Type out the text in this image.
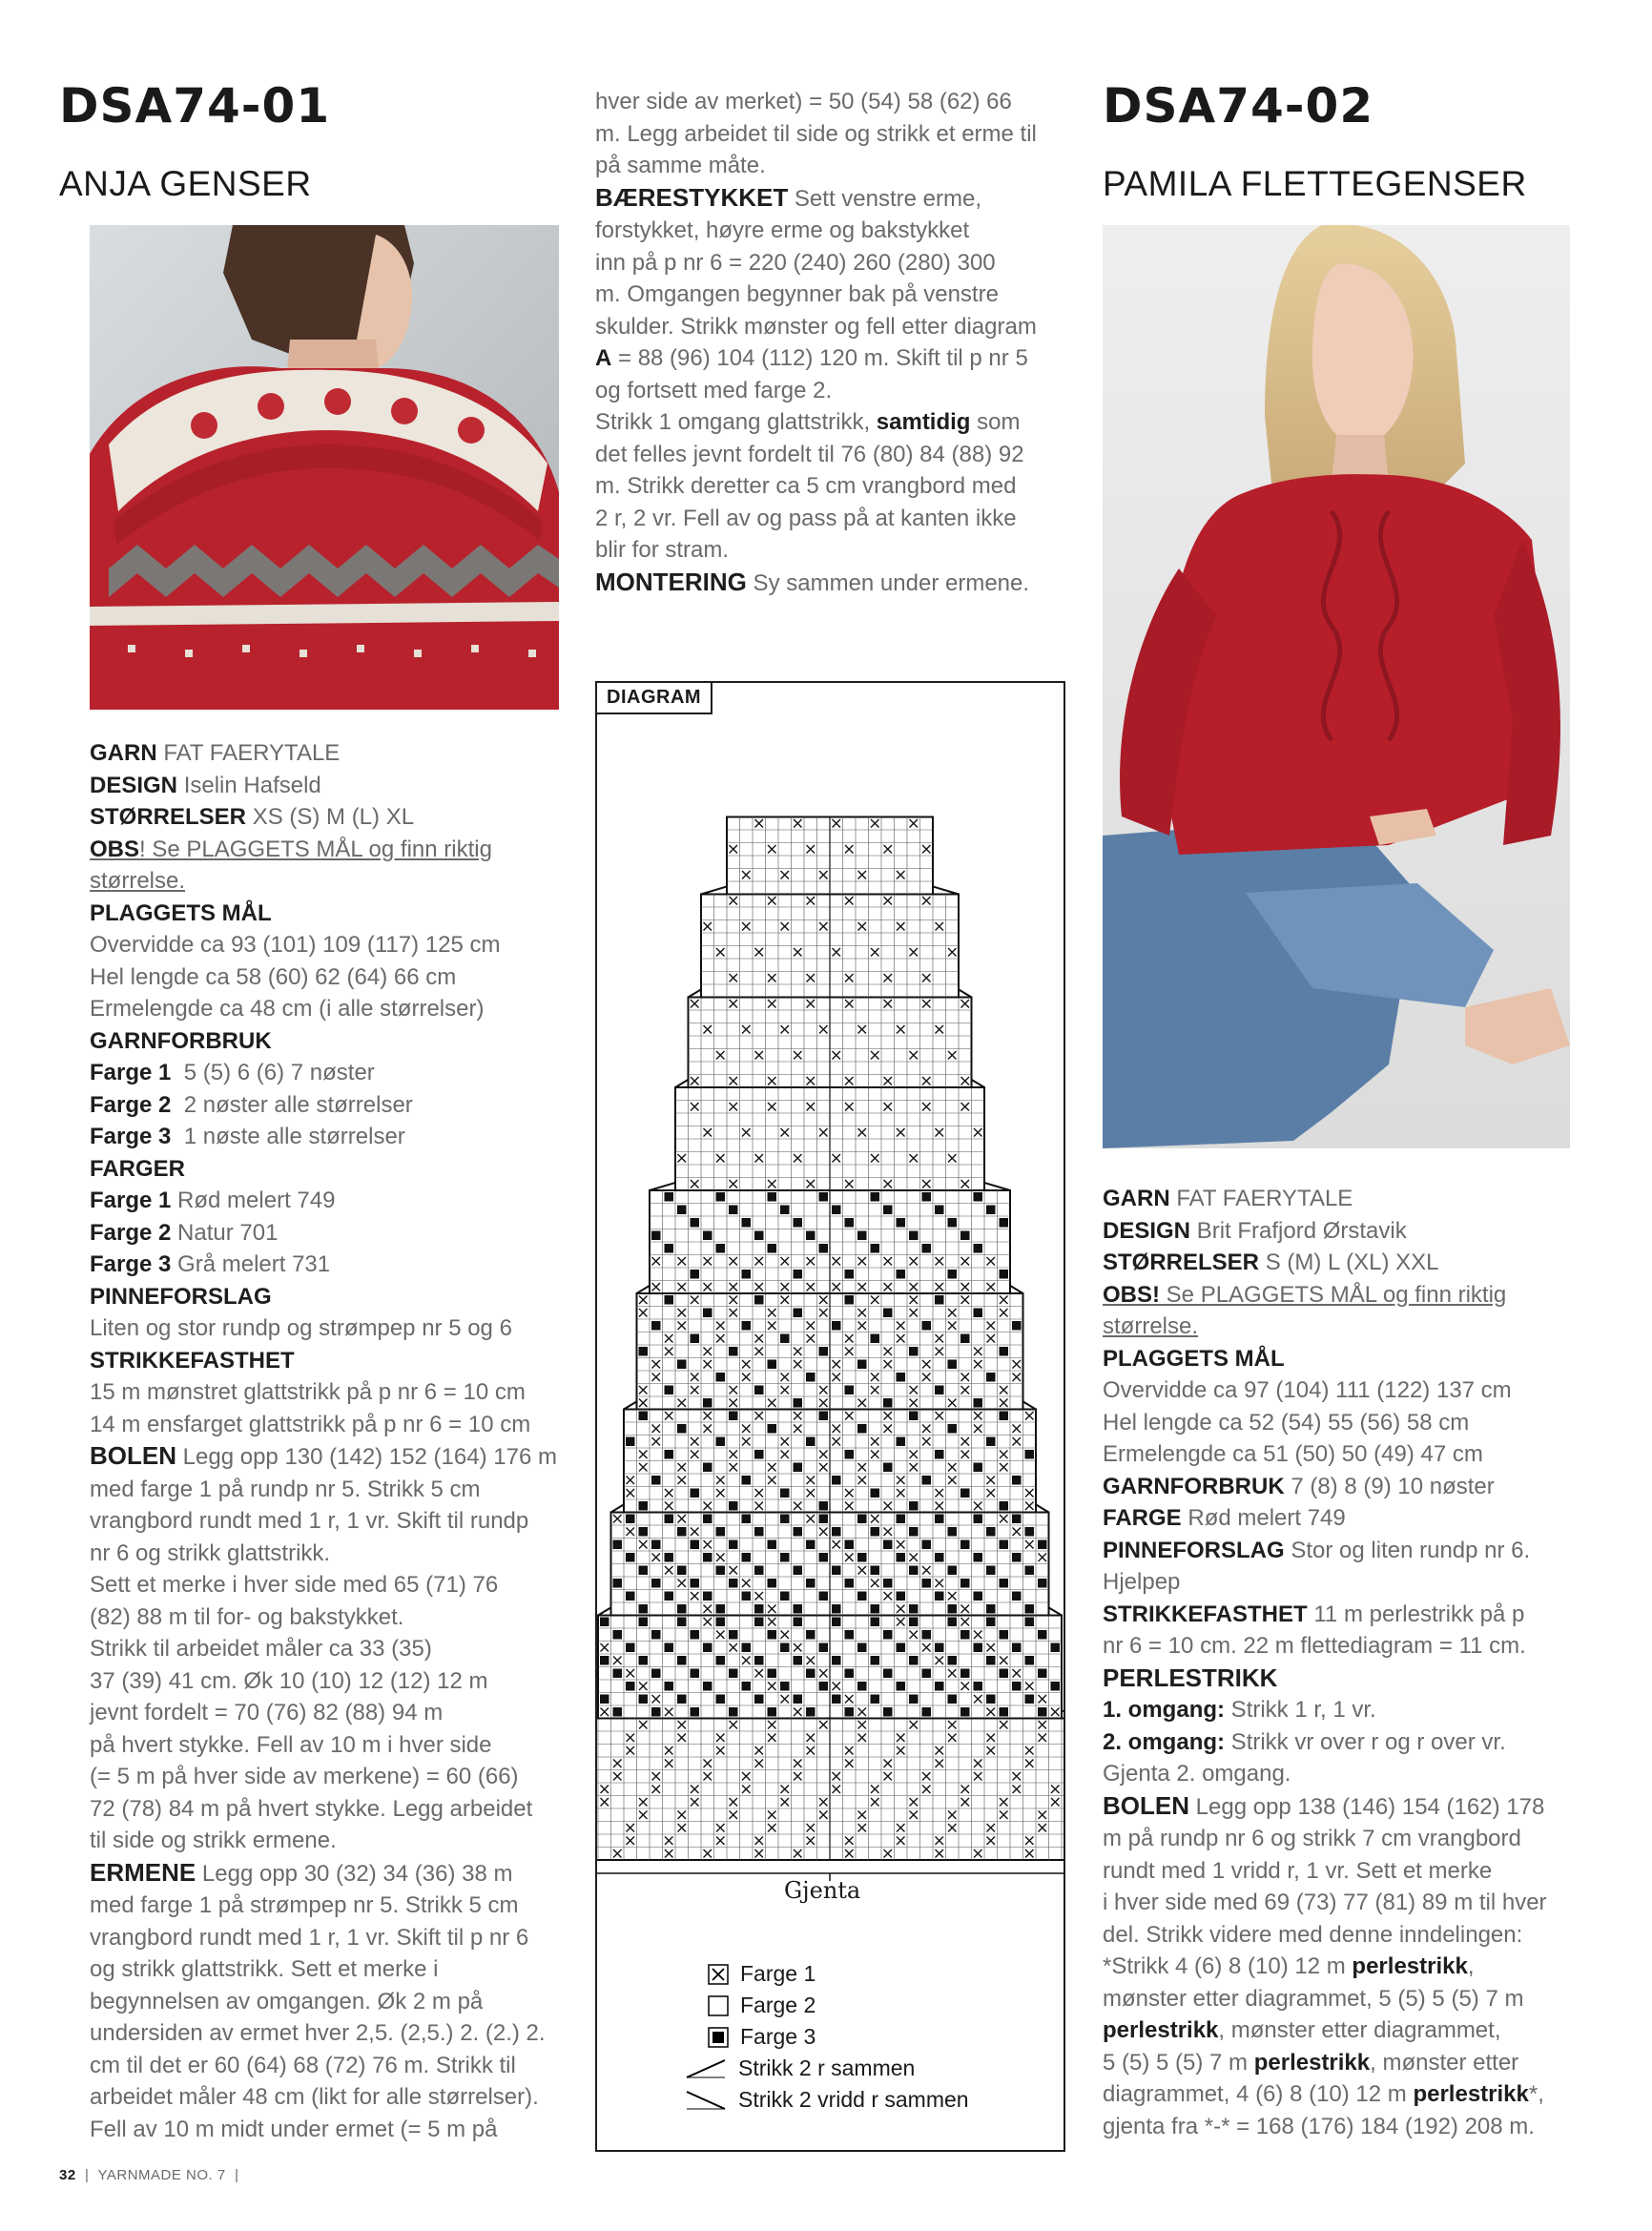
DSA74-01
ANJA GENSER
GARN FAT FAERYTALE
DESIGN Iselin Hafseld
STØRRELSER XS (S) M (L) XL
OBS! Se PLAGGETS MÅL og finn riktig
størrelse.
PLAGGETS MÅL
Overvidde ca 93 (101) 109 (117) 125 cm
Hel lengde ca 58 (60) 62 (64) 66 cm
Ermelengde ca 48 cm (i alle størrelser)
GARNFORBRUK
Farge 1 5 (5) 6 (6) 7 nøster
Farge 2 2 nøster alle størrelser
Farge 3 1 nøste alle størrelser
FARGER
Farge 1 Rød melert 749
Farge 2 Natur 701
Farge 3 Grå melert 731
PINNEFORSLAG
Liten og stor rundp og strømpep nr 5 og 6
STRIKKEFASTHET
15 m mønstret glattstrikk på p nr 6 = 10 cm
14 m ensfarget glattstrikk på p nr 6 = 10 cm
BOLEN Legg opp 130 (142) 152 (164) 176 m
med farge 1 på rundp nr 5. Strikk 5 cm
vrangbord rundt med 1 r, 1 vr. Skift til rundp
nr 6 og strikk glattstrikk.
Sett et merke i hver side med 65 (71) 76
(82) 88 m til for- og bakstykket.
Strikk til arbeidet måler ca 33 (35)
37 (39) 41 cm. Øk 10 (10) 12 (12) 12 m
jevnt fordelt = 70 (76) 82 (88) 94 m
på hvert stykke. Fell av 10 m i hver side
(= 5 m på hver side av merkene) = 60 (66)
72 (78) 84 m på hvert stykke. Legg arbeidet
til side og strikk ermene.
ERMENE Legg opp 30 (32) 34 (36) 38 m
med farge 1 på strømpep nr 5. Strikk 5 cm
vrangbord rundt med 1 r, 1 vr. Skift til p nr 6
og strikk glattstrikk. Sett et merke i
begynnelsen av omgangen. Øk 2 m på
undersiden av ermet hver 2,5. (2,5.) 2. (2.) 2.
cm til det er 60 (64) 68 (72) 76 m. Strikk til
arbeidet måler 48 cm (likt for alle størrelser).
Fell av 10 m midt under ermet (= 5 m på
hver side av merket) = 50 (54) 58 (62) 66
m. Legg arbeidet til side og strikk et erme til
på samme måte.
BÆRESTYKKET Sett venstre erme,
forstykket, høyre erme og bakstykket
inn på p nr 6 = 220 (240) 260 (280) 300
m. Omgangen begynner bak på venstre
skulder. Strikk mønster og fell etter diagram
A = 88 (96) 104 (112) 120 m. Skift til p nr 5
og fortsett med farge 2.
Strikk 1 omgang glattstrikk, samtidig som
det felles jevnt fordelt til 76 (80) 84 (88) 92
m. Strikk deretter ca 5 cm vrangbord med
2 r, 2 vr. Fell av og pass på at kanten ikke
blir for stram.
MONTERING Sy sammen under ermene.
DIAGRAM
Gjenta
Farge 1
Farge 2
Farge 3
Strikk 2 r sammen
Strikk 2 vridd r sammen
DSA74-02
PAMILA FLETTEGENSER
GARN FAT FAERYTALE
DESIGN Brit Frafjord Ørstavik
STØRRELSER S (M) L (XL) XXL
OBS! Se PLAGGETS MÅL og finn riktig
størrelse.
PLAGGETS MÅL
Overvidde ca 97 (104) 111 (122) 137 cm
Hel lengde ca 52 (54) 55 (56) 58 cm
Ermelengde ca 51 (50) 50 (49) 47 cm
GARNFORBRUK 7 (8) 8 (9) 10 nøster
FARGE Rød melert 749
PINNEFORSLAG Stor og liten rundp nr 6.
Hjelpep
STRIKKEFASTHET 11 m perlestrikk på p
nr 6 = 10 cm. 22 m flettediagram = 11 cm.
PERLESTRIKK
1. omgang: Strikk 1 r, 1 vr.
2. omgang: Strikk vr over r og r over vr.
Gjenta 2. omgang.
BOLEN Legg opp 138 (146) 154 (162) 178
m på rundp nr 6 og strikk 7 cm vrangbord
rundt med 1 vridd r, 1 vr. Sett et merke
i hver side med 69 (73) 77 (81) 89 m til hver
del. Strikk videre med denne inndelingen:
*Strikk 4 (6) 8 (10) 12 m perlestrikk,
mønster etter diagrammet, 5 (5) 5 (5) 7 m
perlestrikk, mønster etter diagrammet,
5 (5) 5 (5) 7 m perlestrikk, mønster etter
diagrammet, 4 (6) 8 (10) 12 m perlestrikk*,
gjenta fra *-* = 168 (176) 184 (192) 208 m.
32  |  YARNMADE NO. 7  |
